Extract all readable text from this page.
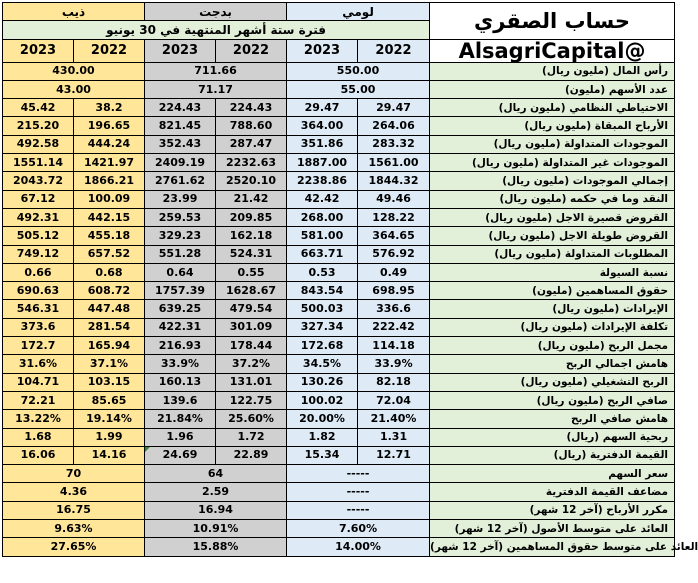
ذيب		بدجت		لومي		حساب الصقري
فترة ستة أشهر المنتهية في 30 يونيو						
2023	2022	2023	2022	2023	2022	AlsagriCapital@
430.00		711.66		550.00		رأس المال (مليون ريال)
43.00		71.17		55.00		عدد الأسهم (مليون)
45.42	38.2	224.43	224.43	29.47	29.47	الاحتياطي النظامي (مليون ريال)
215.20	196.65	821.45	788.60	364.00	264.06	الأرباح المبقاة (مليون ريال)
492.58	444.24	352.43	287.47	351.86	283.32	الموجودات المتداولة (مليون ريال)
1551.14	1421.97	2409.19	2232.63	1887.00	1561.00	الموجودات غير المتداولة (مليون ريال)
2043.72	1866.21	2761.62	2520.10	2238.86	1844.32	إجمالي الموجودات (مليون ريال)
67.12	100.09	23.99	21.42	42.42	49.46	النقد وما في حكمه (مليون ريال)
492.31	442.15	259.53	209.85	268.00	128.22	القروض قصيرة الاجل (مليون ريال)
505.12	455.18	329.23	162.18	581.00	364.65	القروض طويلة الاجل (مليون ريال)
749.12	657.52	551.28	524.31	663.71	576.92	المطلوبات المتداولة (مليون ريال)
0.66	0.68	0.64	0.55	0.53	0.49	نسبة السيولة
690.63	608.72	1757.39	1628.67	843.54	698.95	حقوق المساهمين (مليون)
546.31	447.48	639.25	479.54	500.03	336.6	الإيرادات (مليون ريال)
373.6	281.54	422.31	301.09	327.34	222.42	تكلفة الإيرادات (مليون ريال)
172.7	165.94	216.93	178.44	172.68	114.18	مجمل الربح (مليون ريال)
31.6%	37.1%	33.9%	37.2%	34.5%	33.9%	هامش اجمالي الربح
104.71	103.15	160.13	131.01	130.26	82.18	الربح التشغيلي (مليون ريال)
72.21	85.65	139.6	122.75	100.02	72.04	صافي الربح (مليون ريال)
13.22%	19.14%	21.84%	25.60%	20.00%	21.40%	هامش صافي الربح
1.68	1.99	1.96	1.72	1.82	1.31	ربحية السهم (ريال)
16.06	14.16	24.69	22.89	15.34	12.71	القيمة الدفترية (ريال)
70		64		-----		سعر السهم
4.36		2.59		-----		مضاعف القيمة الدفترية
16.75		16.94		-----		مكرر الأرباح (آخر 12 شهر)
9.63%		10.91%		7.60%		العائد على متوسط الأصول (آخر 12 شهر)
27.65%		15.88%		14.00%		العائد على متوسط حقوق المساهمين (آخر 12 شهر)
